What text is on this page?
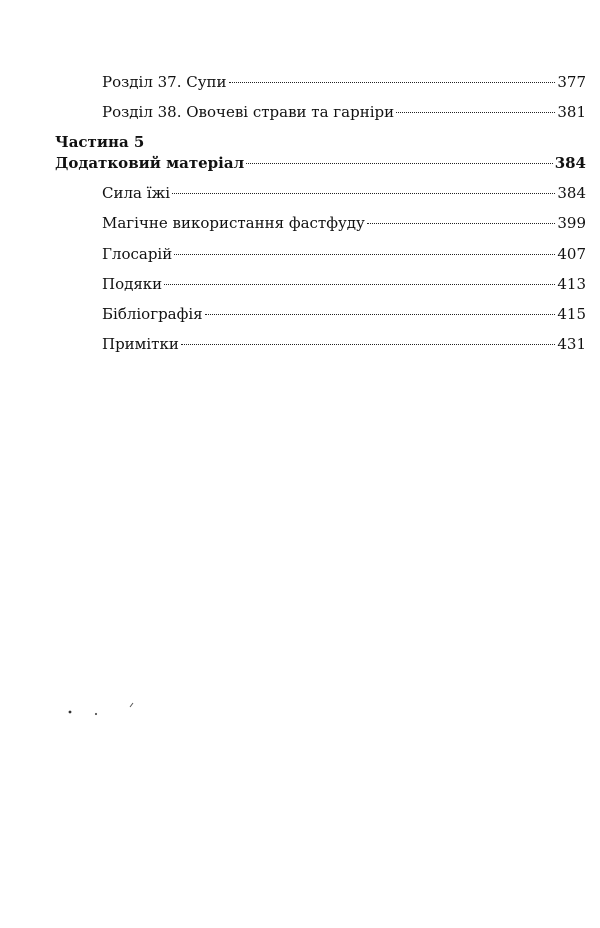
Розділ 37. Супи	377
Розділ 38. Овочеві страви та гарніри	381
Частина 5
Додатковий матеріал	384
Сила їжі	384
Магічне використання фастфуду	399
Глосарій	407
Подяки	413
Бібліографія	415
Примітки	431
